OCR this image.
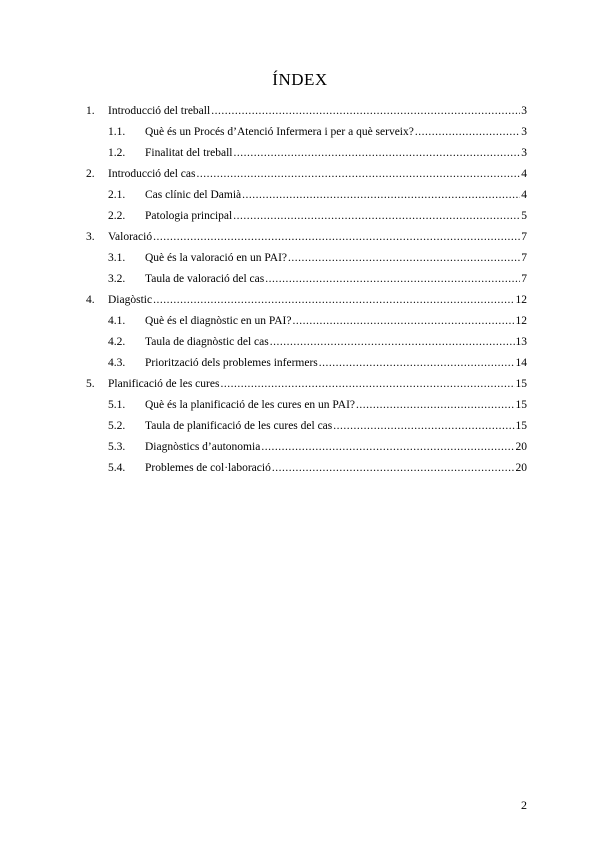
ÍNDEX
1. Introducció del treball .....	3
1.1. Què és un Procés d’Atenció Infermera i per a què serveix? .....	3
1.2. Finalitat del treball .....	3
2. Introducció del cas .....	4
2.1. Cas clínic del Damià .....	4
2.2. Patologia principal .....	5
3. Valoració .....	7
3.1. Què és la valoració en un PAI? .....	7
3.2. Taula de valoració del cas .....	7
4. Diagòstic .....	12
4.1. Què és el diagnòstic en un PAI? .....	12
4.2. Taula de diagnòstic del cas .....	13
4.3. Priorització dels problemes infermers .....	14
5. Planificació de les cures .....	15
5.1. Què és la planificació de les cures en un PAI? .....	15
5.2. Taula de planificació de les cures del cas .....	15
5.3. Diagnòstics d’autonomia .....	20
5.4. Problemes de col·laboració .....	20
2
